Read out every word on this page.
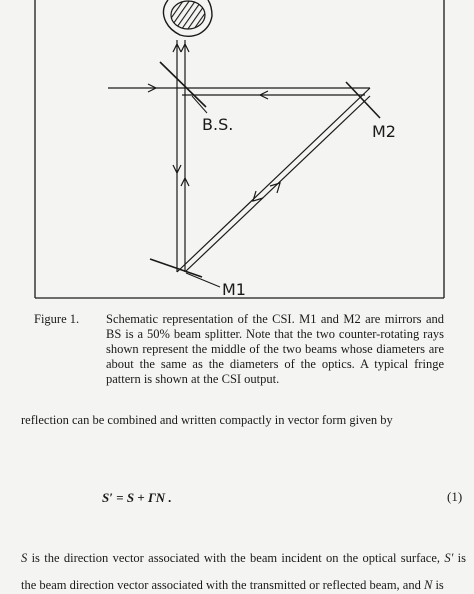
B.S.	M2
M1
Figure 1.	Schematic representation of the CSI. M1 and M2 are mirrors and BS is a 50% beam splitter. Note that the two counter-rotating rays shown represent the middle of the two beams whose diameters are about the same as the diameters of the optics. A typical fringe pattern is shown at the CSI output.
reflection can be combined and written compactly in vector form given by
S′ = S + ΓN .	(1)
S is the direction vector associated with the beam incident on the optical surface, S′ is the beam direction vector associated with the transmitted or reflected beam, and N is
